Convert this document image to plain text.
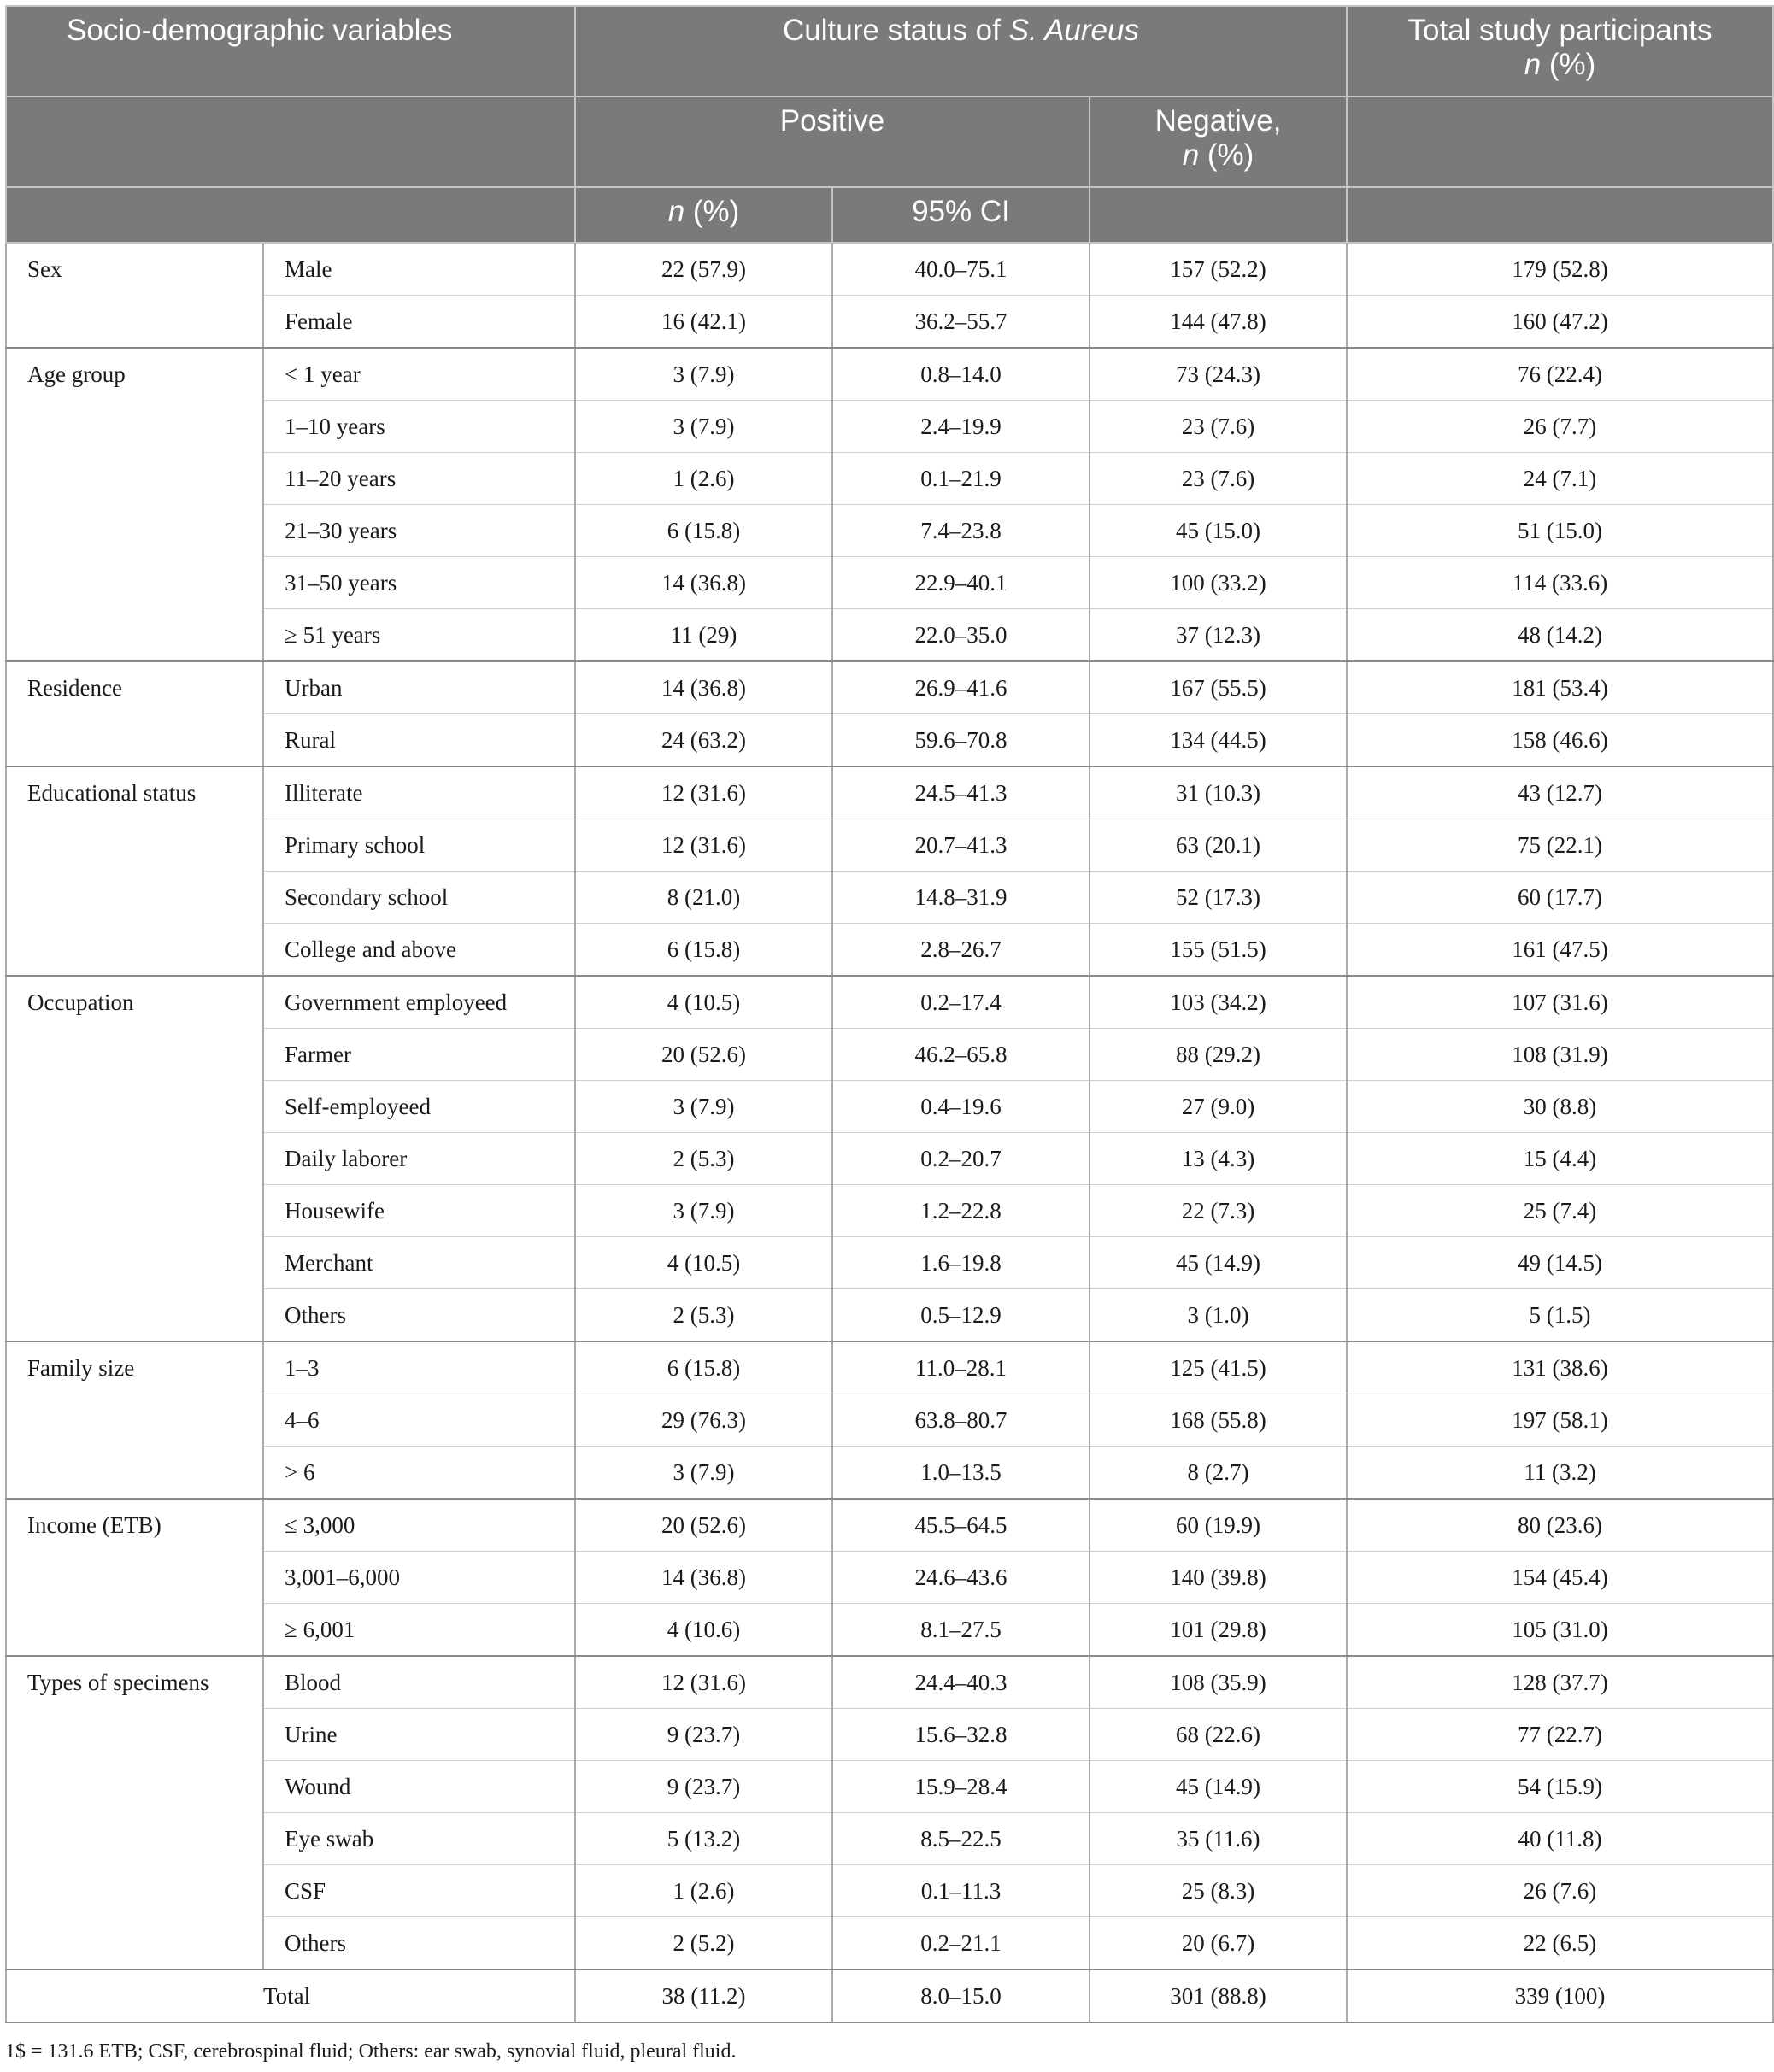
Socio-demographic variables		Culture status of S. Aureus			Total study participants
n (%)
		Positive		Negative,
n (%)	
		n (%)	95% CI		
Sex	Male	22 (57.9)	40.0–75.1	157 (52.2)	179 (52.8)
	Female	16 (42.1)	36.2–55.7	144 (47.8)	160 (47.2)
Age group	< 1 year	3 (7.9)	0.8–14.0	73 (24.3)	76 (22.4)
	1–10 years	3 (7.9)	2.4–19.9	23 (7.6)	26 (7.7)
	11–20 years	1 (2.6)	0.1–21.9	23 (7.6)	24 (7.1)
	21–30 years	6 (15.8)	7.4–23.8	45 (15.0)	51 (15.0)
	31–50 years	14 (36.8)	22.9–40.1	100 (33.2)	114 (33.6)
	≥ 51 years	11 (29)	22.0–35.0	37 (12.3)	48 (14.2)
Residence	Urban	14 (36.8)	26.9–41.6	167 (55.5)	181 (53.4)
	Rural	24 (63.2)	59.6–70.8	134 (44.5)	158 (46.6)
Educational status	Illiterate	12 (31.6)	24.5–41.3	31 (10.3)	43 (12.7)
	Primary school	12 (31.6)	20.7–41.3	63 (20.1)	75 (22.1)
	Secondary school	8 (21.0)	14.8–31.9	52 (17.3)	60 (17.7)
	College and above	6 (15.8)	2.8–26.7	155 (51.5)	161 (47.5)
Occupation	Government employeed	4 (10.5)	0.2–17.4	103 (34.2)	107 (31.6)
	Farmer	20 (52.6)	46.2–65.8	88 (29.2)	108 (31.9)
	Self-employeed	3 (7.9)	0.4–19.6	27 (9.0)	30 (8.8)
	Daily laborer	2 (5.3)	0.2–20.7	13 (4.3)	15 (4.4)
	Housewife	3 (7.9)	1.2–22.8	22 (7.3)	25 (7.4)
	Merchant	4 (10.5)	1.6–19.8	45 (14.9)	49 (14.5)
	Others	2 (5.3)	0.5–12.9	3 (1.0)	5 (1.5)
Family size	1–3	6 (15.8)	11.0–28.1	125 (41.5)	131 (38.6)
	4–6	29 (76.3)	63.8–80.7	168 (55.8)	197 (58.1)
	> 6	3 (7.9)	1.0–13.5	8 (2.7)	11 (3.2)
Income (ETB)	≤ 3,000	20 (52.6)	45.5–64.5	60 (19.9)	80 (23.6)
	3,001–6,000	14 (36.8)	24.6–43.6	140 (39.8)	154 (45.4)
	≥ 6,001	4 (10.6)	8.1–27.5	101 (29.8)	105 (31.0)
Types of specimens	Blood	12 (31.6)	24.4–40.3	108 (35.9)	128 (37.7)
	Urine	9 (23.7)	15.6–32.8	68 (22.6)	77 (22.7)
	Wound	9 (23.7)	15.9–28.4	45 (14.9)	54 (15.9)
	Eye swab	5 (13.2)	8.5–22.5	35 (11.6)	40 (11.8)
	CSF	1 (2.6)	0.1–11.3	25 (8.3)	26 (7.6)
	Others	2 (5.2)	0.2–21.1	20 (6.7)	22 (6.5)
	Total	38 (11.2)	8.0–15.0	301 (88.8)	339 (100)
1$ = 131.6 ETB; CSF, cerebrospinal fluid; Others: ear swab, synovial fluid, pleural fluid.
